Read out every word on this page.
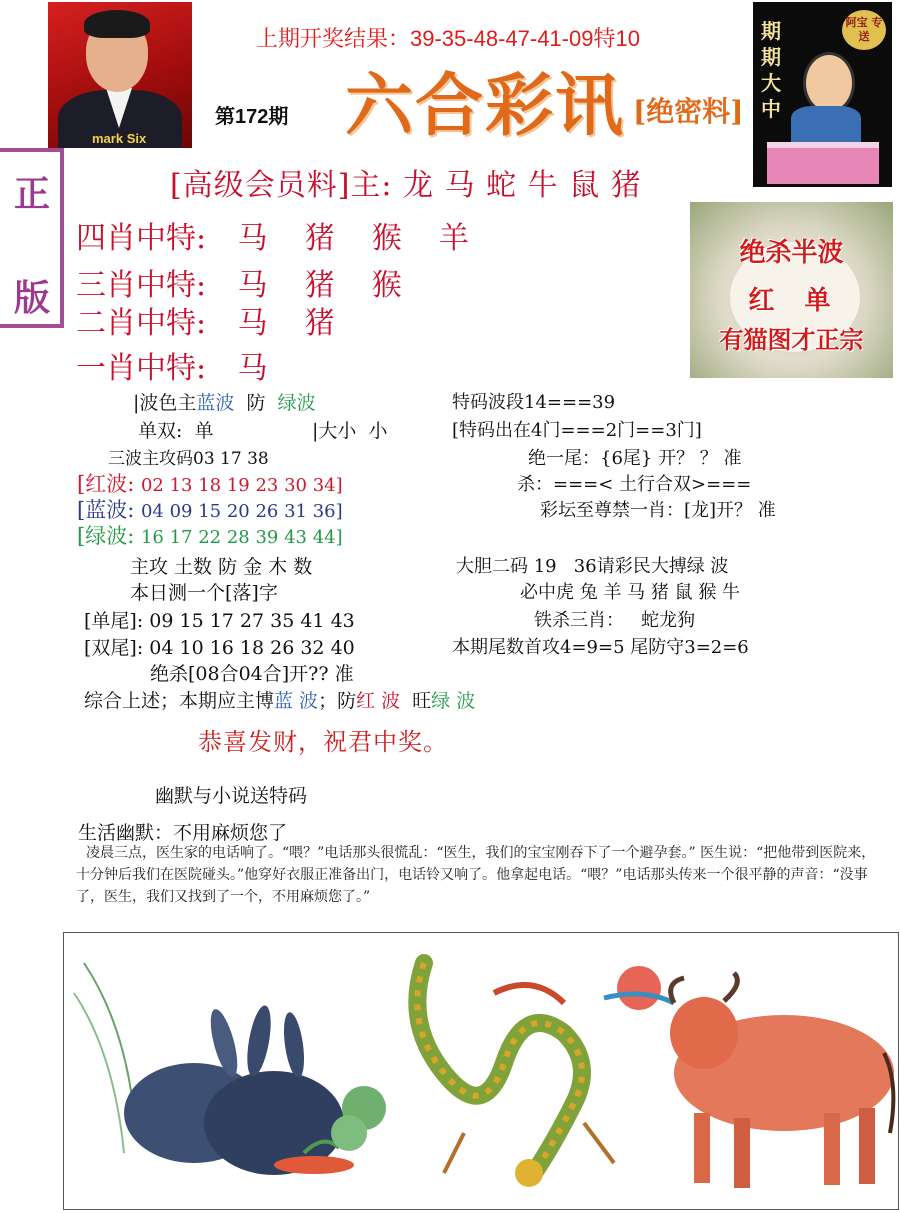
mark Six
上期开奖结果：39-35-48-47-41-09特10
六合彩讯 [绝密料]
第172期
期期大中
阿宝 专送
正
版
[高级会员料]主: 龙 马 蛇 牛 鼠 猪
四肖中特: 马  猪  猴  羊
三肖中特: 马  猪  猴
二肖中特: 马  猪
一肖中特: 马
绝杀半波
红  单
有猫图才正宗
|波色主蓝波  防  绿波
单双:  单	|大小  小
三波主攻码03 17 38
[红波: 02 13 18 19 23 30 34]
[蓝波: 04 09 15 20 26 31 36]
[绿波: 16 17 22 28 39 43 44]
主攻 土数 防 金 木 数
本日测一个[落]字
[单尾]: 09 15 17 27 35 41 43
[双尾]: 04 10 16 18 26 32 40
绝杀[08合04合]开?? 准
综合上述；本期应主博蓝 波；防红 波  旺绿 波
特码波段14===39
[特码出在4门===2门==3门]
绝一尾：{6尾} 开？ ？ 准
杀：===< 土行合双>===
彩坛至尊禁一肖：[龙]开？ 准
大胆二码 19   36请彩民大搏绿 波
必中虎 兔 羊 马 猪 鼠 猴 牛
铁杀三肖：   蛇龙狗
本期尾数首攻4=9=5 尾防守3=2=6
恭喜发财，祝君中奖。
幽默与小说送特码
生活幽默：不用麻烦您了
凌晨三点，医生家的电话响了。“喂？”电话那头很慌乱：“医生，我们的宝宝刚吞下了一个避孕套。” 医生说：“把他带到医院来，十分钟后我们在医院碰头。”他穿好衣服正准备出门，电话铃又响了。他拿起电话。“喂？”电话那头传来一个很平静的声音：“没事了，医生，我们又找到了一个，不用麻烦您了。”
